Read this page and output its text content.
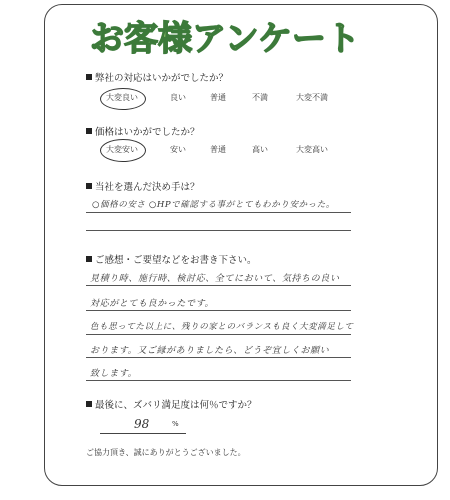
お客様アンケート
弊社の対応はいかがでしたか？
大変良い	良い	普通	不満	大変不満
価格はいかがでしたか？
大変安い	安い	普通	高い	大変高い
当社を選んだ決め手は？
○価格の安さ ○HPで確認する事がとてもわかり安かった。
ご感想・ご要望などをお書き下さい。
見積り時、施行時、検討応、全てにおいて、気持ちの良い
対応がとても良かったです。
色も思ってた以上に、残りの家とのバランスも良く大変満足して
おります。又ご縁がありましたら、どうぞ宜しくお願い
致します。
最後に、ズバリ満足度は何％ですか？
98	%
ご協力頂き、誠にありがとうございました。
